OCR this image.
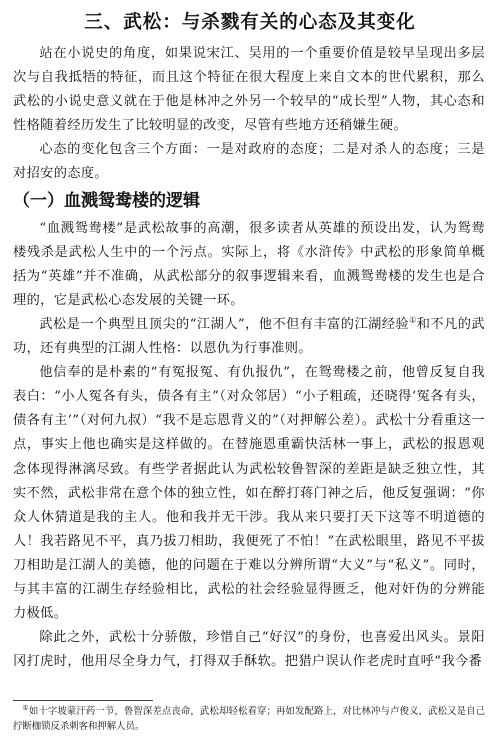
三、武松：与杀戮有关的心态及其变化

站在小说史的角度，如果说宋江、吴用的一个重要价值是较早呈现出多层次与自我抵牾的特征，而且这个特征在很大程度上来自文本的世代累积，那么武松的小说史意义就在于他是林冲之外另一个较早的“成长型”人物，其心态和性格随着经历发生了比较明显的改变，尽管有些地方还稍嫌生硬。

心态的变化包含三个方面：一是对政府的态度；二是对杀人的态度；三是对招安的态度。

（一）血溅鸳鸯楼的逻辑

“血溅鸳鸯楼”是武松故事的高潮，很多读者从英雄的预设出发，认为鸳鸯楼残杀是武松人生中的一个污点。实际上，将《水浒传》中武松的形象简单概括为“英雄”并不准确，从武松部分的叙事逻辑来看，血溅鸳鸯楼的发生也是合理的，它是武松心态发展的关键一环。

武松是一个典型且顶尖的“江湖人”，他不但有丰富的江湖经验①和不凡的武功，还有典型的江湖人性格：以恩仇为行事准则。

他信奉的是朴素的“有冤报冤、有仇报仇”，在鸳鸯楼之前，他曾反复自我表白：“小人冤各有头，债各有主”（对众邻居）“小子粗疏，还晓得‘冤各有头，债各有主’”（对何九叔）“我不是忘恩背义的”（对押解公差）。武松十分看重这一点，事实上他也确实是这样做的。在替施恩重霸快活林一事上，武松的报恩观念体现得淋漓尽致。有些学者据此认为武松较鲁智深的差距是缺乏独立性，其实不然，武松非常在意个体的独立性，如在醉打蒋门神之后，他反复强调：“你众人休猜道是我的主人。他和我并无干涉。我从来只要打天下这等不明道德的人！我若路见不平，真乃拔刀相助，我便死了不怕！”在武松眼里，路见不平拔刀相助是江湖人的美德，他的问题在于难以分辨所谓“大义”与“私义”。同时，与其丰富的江湖生存经验相比，武松的社会经验显得匮乏，他对奸伪的分辨能力极低。

除此之外，武松十分骄傲，珍惜自己“好汉”的身份，也喜爱出风头。景阳冈打虎时，他用尽全身力气，打得双手酥软。把猎户误认作老虎时直呼“我今番

①如十字坡蒙汗药一节，鲁智深差点丧命，武松却轻松看穿；再如发配路上，对比林冲与卢俊义，武松又是自己拧断枷锁反杀刺客和押解人员。
